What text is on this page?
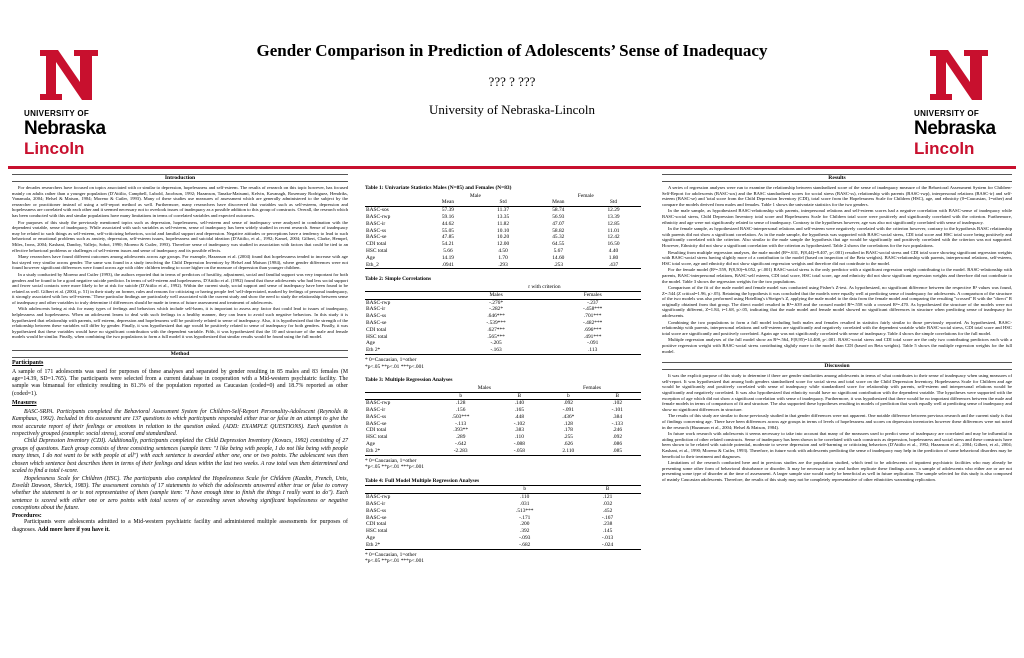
UNIVERSITY OF
Nebraska
Lincoln
UNIVERSITY OF
Nebraska
Lincoln
Gender Comparison in Prediction of Adolescents’ Sense of Inadequacy
??? ? ???
University of Nebraska-Lincoln
Introduction

For decades researchers have focused on topics associated with or similar to depression, hopelessness and self-esteem. The results of research on this topic however, has focused mainly on adults rather than a younger population (D'Attilio, Campbell, Lubold, Jacobson, 1992; Hazanson, Tanaka-Matsumi, Kelvin, Kavanagh, Rosemary Rodriguez, Hendriks, Vanamala, 2004; Helsel & Matson, 1984; Moreno & Cutler, 1993). Many of these studies use measures of assessment which are generally administered to the subject by the researcher or practitioner instead of using a self-report method as well. Furthermore, many researchers have discovered that variables such as self-esteem, depression and hopelessness are correlated with each other and it seemed necessary not to overlook issues of inadequacy as a possible addition to this group of constructs. Overall, the research which has been conducted with this and similar populations have many limitations in terms of correlated variables and expected outcomes.

For purposes of this study the previously mentioned topics such as depression, hopelessness, self-esteem and sense of inadequacy were analyzed in combination with the dependent variable, sense of inadequacy. While associated with such variables as self-esteem, sense of inadequacy has been widely studied in recent research. Sense of inadequacy may be related to such things as self-esteem, self-criticizing behaviors, social and familial support and depression. Negative attitudes or perceptions have a tendency to lead to such behavioral or emotional problems such as anxiety, depression, self-esteem issues, hopelessness and suicidal ideation (D'Attilio, et al., 1992; Kamel, 2004; Gilbert, Clarke, Hempel, Miles, Irons, 2004; Kashani, Dandoy, Vallejo, Sobot, 1990; Moreno & Cutler, 1993). Therefore sense of inadequacy was studied in association with factors that could be tied to an effective behavioral problems or challenges of self-esteem issues and sense of inadequacy and its possible effects.

Many researchers have found different outcomes among adolescents across age groups. For example, Hazanson et al. (2004) found that hopelessness tended to increase with age but stayed very similar across gender. The same was found in a study involving the Child Depression Inventory by Helsel and Matson (1984), where gender differences were not found however significant differences were found across age with older children tending to score higher on the measure of depression than younger children.

In a study conducted by Moreno and Cutler (1993), the authors reported that in terms of predictors of hostility, adjustment, social and familial support was very important for both genders and be found to be a good negative suicide predictor. In terms of self-esteem and hopelessness, D'Attilio et al. (1992) found that those adolescents who had less social support and fewer social contacts were more likely to be at risk for suicide (D'Attilio et al., 1992). Within the current study, social support and sense of inadequacy have been found to be related as well. Gilbert et al. (2004, p. 51) in their study on former, rules and reasons for criticizing or having people feel 'self-depreciated, marked by feelings of personal inadequacy, it strongly associated with low self-esteem.' These particular findings are particularly well associated with the current study and show the need to study the relationship between sense of inadequacy and other variables to truly determine if differences should be made in terms of future assessment and treatment of adolescents.

With adolescents being at risk for many types of feelings and behaviors which include self-harm, it is important to assess any factor that could lead to issues of inadequacy, helplessness and hopelessness. When an adolescent learns to deal with such feelings in a healthy manner, they can learn to avoid such negative behaviors. In this study it is hypothesized that relationship with parents, self esteem, depression and hopelessness will be positively related to sense of inadequacy. Also, it is hypothesized that the strength of the relationship between these variables will differ by gender. Finally, it was hypothesized that age would be positively related to sense of inadequacy for both genders. Finally, it was hypothesized that these variables would have no significant contribution with the dependent variable. Fifth, it was hypothesized that the 10 and structure of the male and female models would be similar. Finally, when combining the two populations to form a full model it was hypothesized that similar results would be found using the full model.

Method
Participants

A sample of 171 adolescents was used for purposes of these analyses and separated by gender resulting in 85 males and 83 females (M age=14.39, SD=1.765). The participants were selected from a current database in cooperation with a Mid-western psychiatric facility. The sample was bimanual for ethnicity resulting in 81.3% of the population reported as Caucasian (coded=0) and 18.7% reported as other (coded=1).

Measures

BASC-SRPA. Participants completed the Behavioral Assessment System for Children-Self-Report Personality-Adolescent (Reynolds & Kamphaus, 1992). Included in this assessment are 137 questions to which participants responded either true or false in an attempt to give the most accurate report of their feelings or emotions in relation to the question asked. (ADD: EXAMPLE QUESTIONS). Each question is respectively grouped (example: social stress), scored and standardized.

Child Depression Inventory (CDI). Additionally, participants completed the Child Depression Inventory (Kovacs, 1992) consisting of 27 groups of questions. Each group consists of three consisting sentences (sample item: "I like being with people, I do not like being with people many times, I do not want to be with people at all") with each sentence is awarded either one, one or two points. The adolescent was then chosen which sentence best describes them in terms of their feelings and ideas within the last two weeks. A raw total was then determined and scaled to find a total t-score.

Hopelessness Scale for Children (HSC). The participants also completed the Hopelessness Scale for Children (Kazdin, French, Unis, Esveldt Dawson, Sherick, 1983). The assessment consists of 17 statements to which the adolescents answered either true or false to convey whether the statement is or is not representative of them (sample item: "I have enough time to finish the things I really want to do"). Each sentence is scored with either one or zero points with total scores of or exceeding seven showing significant hopelessness or negative conceptions about the future.

Procedures:

Participants were adolescents admitted to a Mid-western psychiatric facility and administered multiple assessments for purposes of diagnoses. Add more here if you have it.

Table 1: Univariate Statistics Males (N=85) and Females (N=83)
	Male		Female	
	Mean	Std	Mean	Std
BASC-sos	57.39	11.37	58.74	12.29
BASC-rwp	59.16	13.35	56.93	13.39
BASC-ir	44.62	11.82	47.07	12.85
BASC-ss	55.05	10.10	58.82	11.01
BASC-se	47.85	10.20	45.32	12.42
CDI total	54.21	12.00	64.55	16.50
HSC total	5.66	4.50	5.67	4.40
Age	14.19	1.70	14.60	1.80
Eth_2	.0941	.293	.253	.437
Table 2: Simple Correlations
	r with criterion	
	Males	Females
BASC-rwp	-.276*	-.237
BASC-ir	-.282*	-.458***
BASC-ss	.646***	.701***
BASC-se	-.539***	-.482***
CDI total	.627***	.696***
HSC total	.565***	.491***
Age	-.205	-.091
Eth 2*	-.163	.113
* 0=Caucasian, 1=other
*p<.05 **p<.01 ***p<.001
Table 3: Multiple Regression Analyses
	Males		Females	
	b	B	b	B
BASC-rwp	.128	.140	.092	.102
BASC-ir	.156	.165	-.091	-.101
BASC-ss	.503***	.448	.436*	.384
BASC-se	-.113	-.102	.128	-.133
CDI total	.393**	.383	.178	.246
HSC total	.289	.110	.255	.092
Age	-.642	-.088	.626	.086
Eth 2*	-2.283	-.058	2.110	.085
* 0=Caucasian, 1=other
*p<.05 **p<.01 ***p<.001
Table 4: Full Model Multiple Regression Analyses
	b	B
BASC-rwp	.110	.121
BASC-ir	.031	.032
BASC-ss	.513***	.452
BASC-se	-.171	-.167
CDI total	.200	.238
HSC total	.392	.145
Age	-.093	-.013
Eth 2*	-.682	-.024
* 0=Caucasian, 1=other
*p<.05 **p<.01 ***p<.001
Results

A series of regression analyses were run to examine the relationship between standardized score of the sense of inadequacy measure of the Behavioral Assessment System for Children-Self-Report for adolescents (BASC-sos) and the BASC standardized scores for social stress (BASC-ss), relationship with parents (BASC-rwp), interpersonal relations (BASC-ir) and self-esteem (BASC-se) and 'total score from the Child Depression Inventory (CDI), total score from the Hopelessness Scale for Children (HSC), age, and ethnicity (0=Caucasian, 1=other) and compare the models derived from males and females. Table 1 shows the univariate statistics for the two genders.

In the male sample, as hypothesized BASC-relationship with parents, interpersonal relations and self-esteem scores had a negative correlation with BASC-sense of inadequacy while BASC-social stress, Child Depression Inventory total score and Hopelessness Scale for Children total score were positively and significantly correlated with the criterion. Furthermore, ethnicity and age were not significantly related to sense of inadequacy. Contrary to the hypotheses however, age was also not significantly correlated with sense of inadequacy.

In the female sample, as hypothesized BASC-interpersonal relations and self-esteem were negatively correlated with the criterion however, contrary to the hypothesis BASC relationship with parents did not show a significant correlation. As in the male sample, the hypothesis was supported with BASC-social stress, CDI total score and HSC total score being positively and significantly correlated with the criterion. Also similar to the male sample the hypothesis that age would be significantly and positively correlated with the criterion was not supported. However, Ethnicity did not show a significant correlation with the criterion as hypothesized. Table 2 shows the correlations for the two populations.

Resulting from multiple regression analyses, the male model (R²=.631, F(8,44)=9.407, p<.001) resulted in BASC-social stress and CDI total score showing significant regression weights with BASC-social stress having slightly more of a contribution to the model (based on inspection of the Beta weights). BASC-relationship with parents, interpersonal relations, self-esteem, HSC total score, age and ethnicity did not show significant regression weights and therefore did not contribute to the model.

For the female model (R²=.559, F(8,50)=6.052, p<.001) BASC-social stress is the only predictor with a significant regression weight contributing to the model. BASC-relationship with parents, BASC-interpersonal relations, BASC-self esteem, CDI total score, HSC total score, age and ethnicity did not show significant regression weights and therefore did not contribute to the model. Table 3 shows the regression weights for the two populations.

Comparison of the fit of the male model and female model was conducted using Fisher's Z-test. As hypothesized, no significant difference between the respective R² values was found, Z=.544 (Z critical=1.96, p>.05). Retaining the hypothesis it was concluded that the models were equally well at predicting sense of inadequacy for adolescents. A comparison of the structure of the two models was also performed using Hotelling's t/Steiger's Z, applying the male model to the data from the female model and comparing the resulting "crossed" R with the "direct" R originally obtained from that group. The direct model resulted in R²=.639 and the crossed model R²=.558 with a crossed R²=.470. As hypothesized the structure of the models were not significantly different, Z=1.84, t=1.68, p>.05, indicating that the male model and female model showed no significant differences in structure when predicting sense of inadequacy for adolescents.

Combining the two populations to form a full model including both males and females resulted in statistics fairly similar to those previously reported. As hypothesized, BASC-relationship with parents, interpersonal relations and self-esteem are significantly and negatively correlated with the dependent variable while BASC-social stress, CDI total score and HSC total score are significantly and positively correlated. Again age was not significantly correlated with sense of inadequacy. Table 4 shows the simple correlations for the full model.

Multiple regression analyses of the full model show an R²=.564, F(8,95)=14.408, p<.001. BASC-social stress and CDI total score are the only two contributing predictors each with a positive regression weight with BASC-social stress contributing slightly more to the model than CDI (based on Beta weights). Table 5 shows the multiple regression weights for the full model.

Discussion

It was the explicit purpose of this study to determine if there are gender similarities among adolescents in terms of what contributes to their sense of inadequacy when using measures of self-report. It was hypothesized that among both genders standardized score for social stress and total score on the Child Depression Inventory, Hopelessness Scale for Children and age would be significantly and positively correlated with sense of inadequacy while standardized score for relationship with parents, self-esteem and interpersonal relations would be significantly and negatively correlated. It was also hypothesized that ethnicity would have no significant contribution with the dependent variable. The hypotheses were supported with the exception of age which did not show a significant correlation with sense of inadequacy. Furthermore, it was hypothesized that there would be no important differences between the male and female models in terms of comparison of fit and structure. The also supported these hypotheses resulting in models of prediction that work equally well at predicting sense of inadequacy and show no significant differences in structure.

The results of this study are similar to those previously studied in that gender differences were not apparent. One notable difference between previous research and the current study is that of findings concerning age. There have been differences across age groups in terms of levels of hopelessness and scores on depression inventories however these differences were not noted in the research (Hazanson et al., 2004; Helsel & Matson, 1984).

In future work research with adolescents it seems necessary to take into account that many of the measures used to predict sense of inadequacy are correlated and may be influential in aiding prediction of other related constructs. Sense of inadequacy has been shown to be correlated with such constructs as depression, hopelessness and social stress and these constructs have been shown to be related with suicide potential, moderate to severe depression and self-harming or criticizing behaviors (D'Attilio et al., 1992; Hazanson et al., 2004; Gilbert, et al., 2004; Kashani, et al., 1990; Moreno & Cutler, 1993). Therefore, in future work with adolescents predicting the sense of inadequacy may help in the prediction of some behavioral disorders may be beneficial to their treatment and diagnoses.

Limitations of the research conducted here and in previous studies are the population studied, which tend to be adolescents of inpatient psychiatric facilities who may already be presenting some other form of behavioral disturbance or disorder. It may be necessary to try and further replicate these findings across a sample of adolescents who either are or are not presenting some type of disorder at the time of assessment. A larger sample size would surely be beneficial as well in future replication. The sample selected for this study is also composed of mainly Caucasian adolescents. Therefore, the results of this study may not be completely representative of other ethnicities warranting replication.
